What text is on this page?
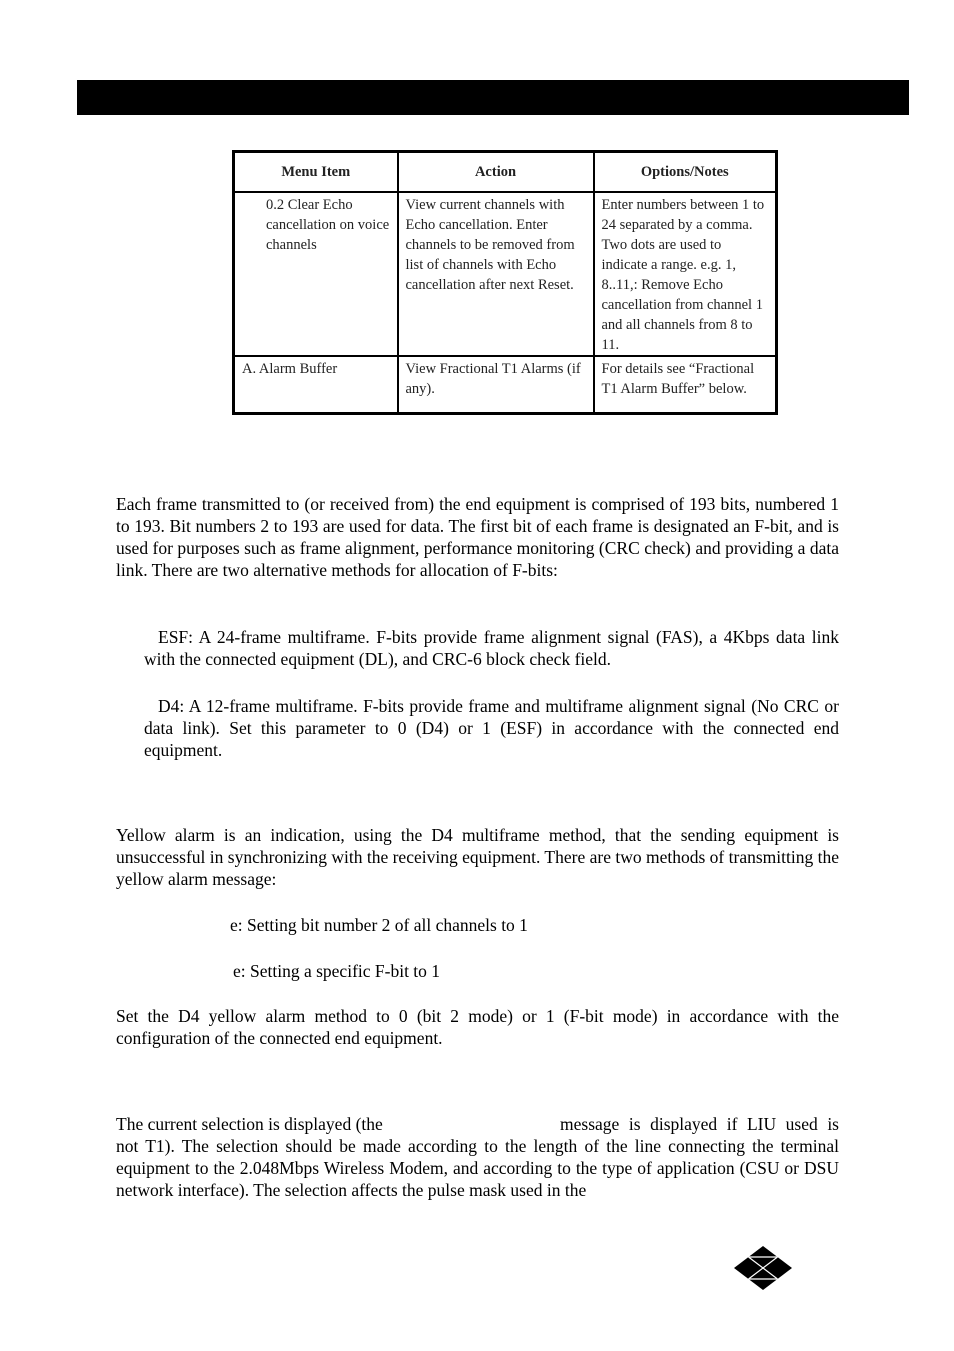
Menu Item	Action	Options/Notes
0.2 Clear Echo cancellation on voice channels	View current channels with Echo cancellation. Enter channels to be removed from list of channels with Echo cancellation after next Reset.	Enter numbers between 1 to 24 separated by a comma. Two dots are used to indicate a range. e.g. 1, 8..11,: Remove Echo cancellation from channel 1 and all channels from 8 to 11.
A. Alarm Buffer	View Fractional T1 Alarms (if any).	For details see “Fractional T1 Alarm Buffer” below.

Each frame transmitted to (or received from) the end equipment is comprised of 193 bits, numbered 1 to 193. Bit numbers 2 to 193 are used for data. The first bit of each frame is designated an F-bit, and is used for purposes such as frame alignment, performance monitoring (CRC check) and providing a data link. There are two alternative methods for allocation of F-bits:

ESF: A 24-frame multiframe. F-bits provide frame alignment signal (FAS), a 4Kbps data link with the connected equipment (DL), and CRC-6 block check field.

D4: A 12-frame multiframe. F-bits provide frame and multiframe alignment signal (No CRC or data link). Set this parameter to 0 (D4) or 1 (ESF) in accordance with the connected end equipment.

Yellow alarm is an indication, using the D4 multiframe method, that the sending equipment is unsuccessful in synchronizing with the receiving equipment. There are two methods of transmitting the yellow alarm message:

e: Setting bit number 2 of all channels to 1

e: Setting a specific F-bit to 1

Set the D4 yellow alarm method to 0 (bit 2 mode) or 1 (F-bit mode) in accordance with the configuration of the connected end equipment.

The current selection is displayed (the	message is displayed if LIU used is

not T1). The selection should be made according to the length of the line connecting the terminal equipment to the 2.048Mbps Wireless Modem, and according to the type of application (CSU or DSU network interface). The selection affects the pulse mask used in the
